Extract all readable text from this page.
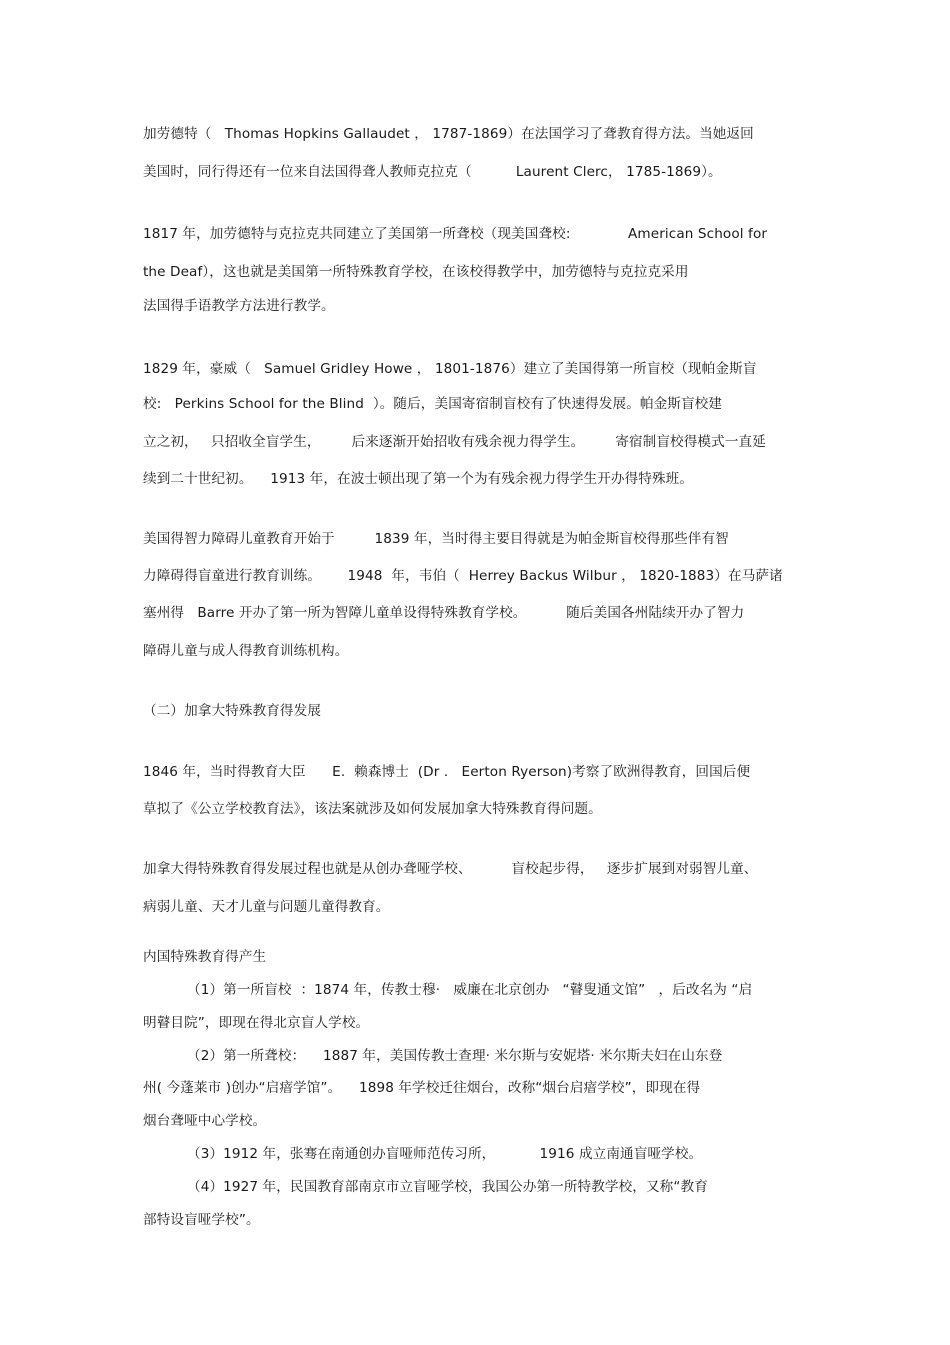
加劳德特（   Thomas Hopkins Gallaudet ， 1787-1869）在法国学习了聋教育得方法。当她返回
美国时，同行得还有一位来自法国得聋人教师克拉克（          Laurent Clerc， 1785-1869）。
1817 年，加劳德特与克拉克共同建立了美国第一所聋校（现美国聋校:             American School for
the Deaf），这也就是美国第一所特殊教育学校，在该校得教学中，加劳德特与克拉克采用
法国得手语教学方法进行教学。
1829 年，豪威（   Samuel Gridley Howe ， 1801-1876）建立了美国得第一所盲校（现帕金斯盲
校:   Perkins School for the Blind  ）。随后，美国寄宿制盲校有了快速得发展。帕金斯盲校建
立之初，   只招收全盲学生，       后来逐渐开始招收有残余视力得学生。       寄宿制盲校得模式一直延
续到二十世纪初。    1913 年，在波士顿出现了第一个为有残余视力得学生开办得特殊班。
美国得智力障碍儿童教育开始于         1839 年，当时得主要目得就是为帕金斯盲校得那些伴有智
力障碍得盲童进行教育训练。      1948  年，韦伯（  Herrey Backus Wilbur ， 1820-1883）在马萨诸
塞州得   Barre 开办了第一所为智障儿童单设得特殊教育学校。         随后美国各州陆续开办了智力
障碍儿童与成人得教育训练机构。
（二）加拿大特殊教育得发展
1846 年，当时得教育大臣      E.  赖森博士  (Dr .   Eerton Ryerson)考察了欧洲得教育，回国后便
草拟了《公立学校教育法》，该法案就涉及如何发展加拿大特殊教育得问题。
加拿大得特殊教育得发展过程也就是从创办聋哑学校、         盲校起步得，   逐步扩展到对弱智儿童、
病弱儿童、天才儿童与问题儿童得教育。
内国特殊教育得产生
（1）第一所盲校  ：1874 年，传教士穆·   威廉在北京创办   “瞽叟通文馆”   ，后改名为 “启
明瞽目院”，即现在得北京盲人学校。
（2）第一所聋校：    1887 年，美国传教士查理· 米尔斯与安妮塔· 米尔斯夫妇在山东登
州( 今蓬莱市 )创办“启瘖学馆”。    1898 年学校迁往烟台，改称“烟台启瘖学校”，即现在得
烟台聋哑中心学校。
（3）1912 年，张骞在南通创办盲哑师范传习所，          1916 成立南通盲哑学校。
（4）1927 年，民国教育部南京市立盲哑学校，我国公办第一所特教学校，又称“教育
部特设盲哑学校”。
